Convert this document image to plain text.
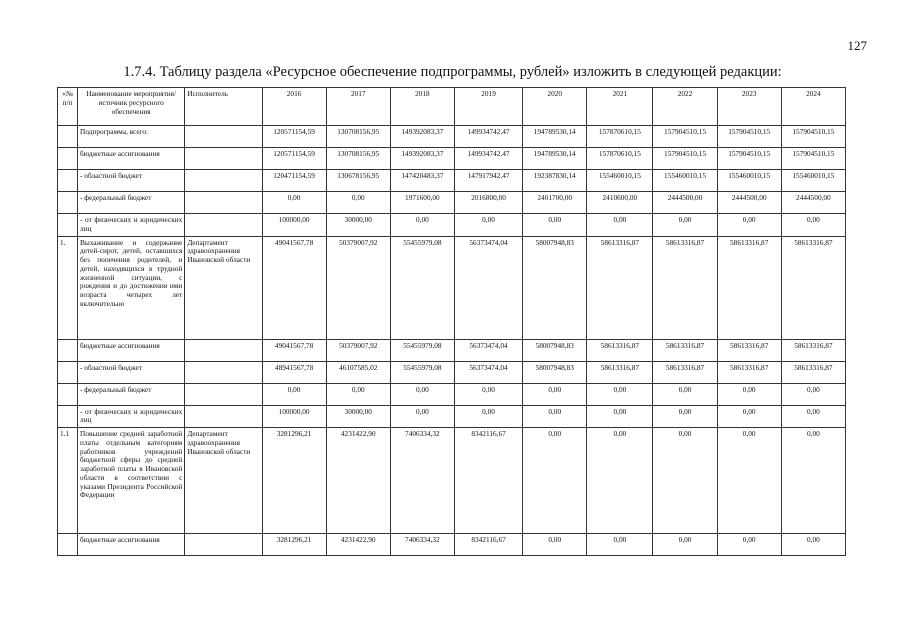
127
1.7.4. Таблицу раздела «Ресурсное обеспечение подпрограммы, рублей» изложить в следующей редакции:
«№ п/п	Наименование мероприятия/источник ресурсного обеспечения	Исполнитель	2016	2017	2018	2019	2020	2021	2022	2023	2024
	Подпрограмма, всего:		120571154,59	130708156,95	149392083,37	149934742,47	194789530,14	157870610,15	157904510,15	157904510,15	157904510,15
	бюджетные ассигнования		120571154,59	130708156,95	149392083,37	149934742,47	194789530,14	157870610,15	157904510,15	157904510,15	157904510,15
	- областной бюджет		120471154,59	130678156,95	147420483,37	147917942,47	192387830,14	155460010,15	155460010,15	155460010,15	155460010,15
	- федеральный бюджет		0,00	0,00	1971600,00	2016800,00	2401700,00	2410600,00	2444500,00	2444500,00	2444500,00
	- от физических и юридических лиц		100000,00	30000,00	0,00	0,00	0,00	0,00	0,00	0,00	0,00
1.	Выхаживание и содержание детей-сирот, детей, оставшихся без попечения родителей, и детей, находящихся в трудной жизненной ситуации, с рождения и до достижения ими возраста четырех лет включительно	Департамент здравоохранения Ивановской области	49041567,78	50379007,92	55455979,08	56373474,04	58007948,83	58613316,87	58613316,87	58613316,87	58613316,87
	бюджетные ассигнования		49041567,78	50379007,92	55455979,08	56373474,04	58007948,83	58613316,87	58613316,87	58613316,87	58613316,87
	- областной бюджет		48941567,78	46107585,02	55455979,08	56373474,04	58007948,83	58613316,87	58613316,87	58613316,87	58613316,87
	- федеральный бюджет		0,00	0,00	0,00	0,00	0,00	0,00	0,00	0,00	0,00
	- от физических и юридических лиц		100000,00	30000,00	0,00	0,00	0,00	0,00	0,00	0,00	0,00
1.1	Повышение средней заработной платы отдельным категориям работников учреждений бюджетной сферы до средней заработной платы в Ивановской области в соответствии с указами Президента Российской Федерации	Департамент здравоохранения Ивановской области	3281296,21	4231422,90	7406334,32	8342116,67	0,00	0,00	0,00	0,00	0,00
	бюджетные ассигнования		3281296,21	4231422,90	7406334,32	8342116,67	0,00	0,00	0,00	0,00	0,00
